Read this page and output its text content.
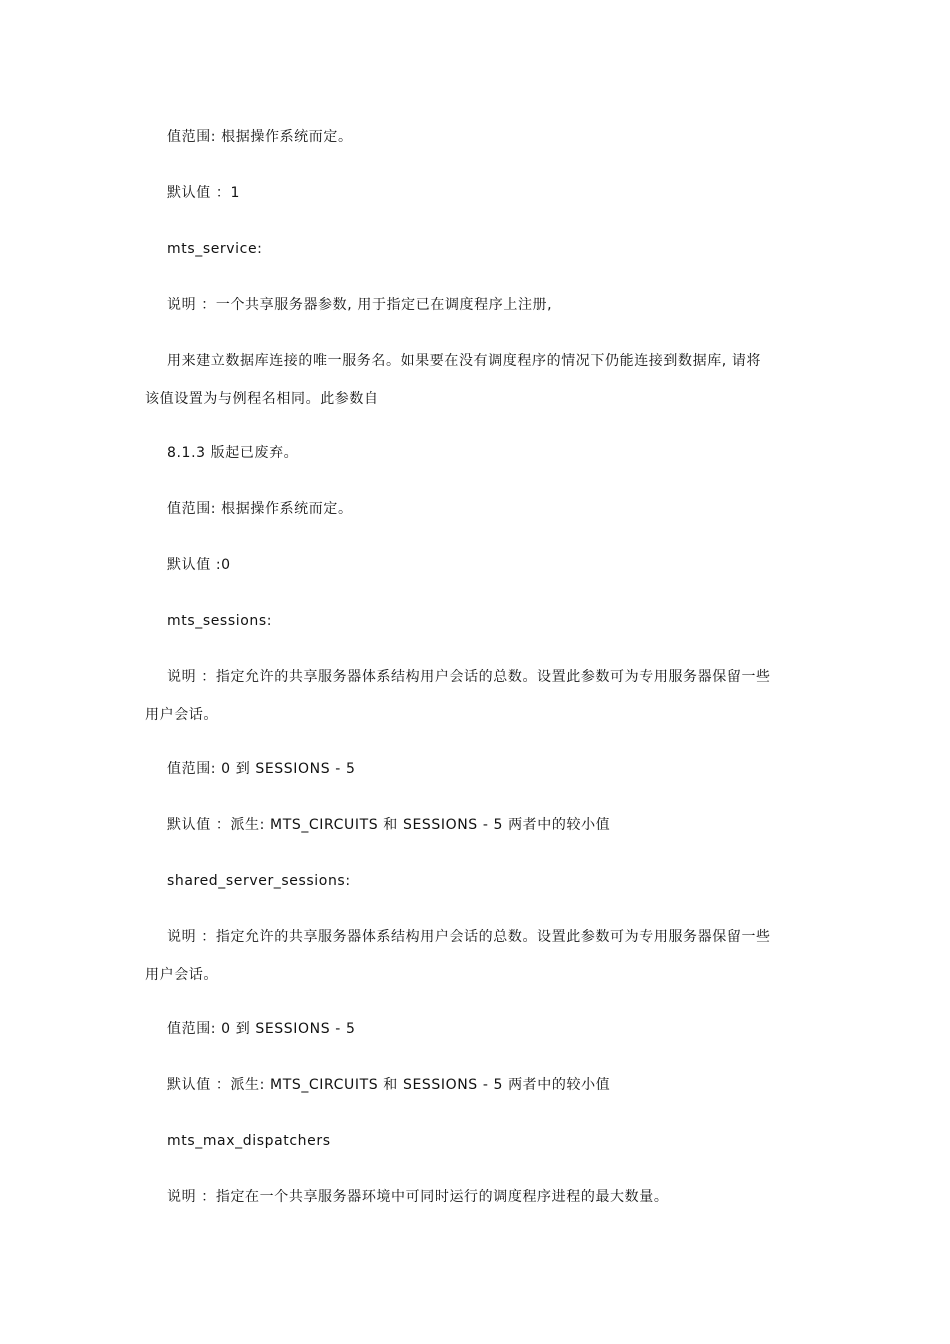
值范围: 根据操作系统而定。
默认值 ：1
mts_service:
说明 ：一个共享服务器参数, 用于指定已在调度程序上注册,
用来建立数据库连接的唯一服务名。如果要在没有调度程序的情况下仍能连接到数据库, 请将
该值设置为与例程名相同。此参数自
8.1.3 版起已废弃。
值范围: 根据操作系统而定。
默认值 :0
mts_sessions:
说明 ：指定允许的共享服务器体系结构用户会话的总数。设置此参数可为专用服务器保留一些
用户会话。
值范围: 0 到 SESSIONS - 5
默认值 ：派生: MTS_CIRCUITS 和 SESSIONS - 5 两者中的较小值
shared_server_sessions:
说明 ：指定允许的共享服务器体系结构用户会话的总数。设置此参数可为专用服务器保留一些
用户会话。
值范围: 0 到 SESSIONS - 5
默认值 ：派生: MTS_CIRCUITS 和 SESSIONS - 5 两者中的较小值
mts_max_dispatchers
说明 ：指定在一个共享服务器环境中可同时运行的调度程序进程的最大数量。
